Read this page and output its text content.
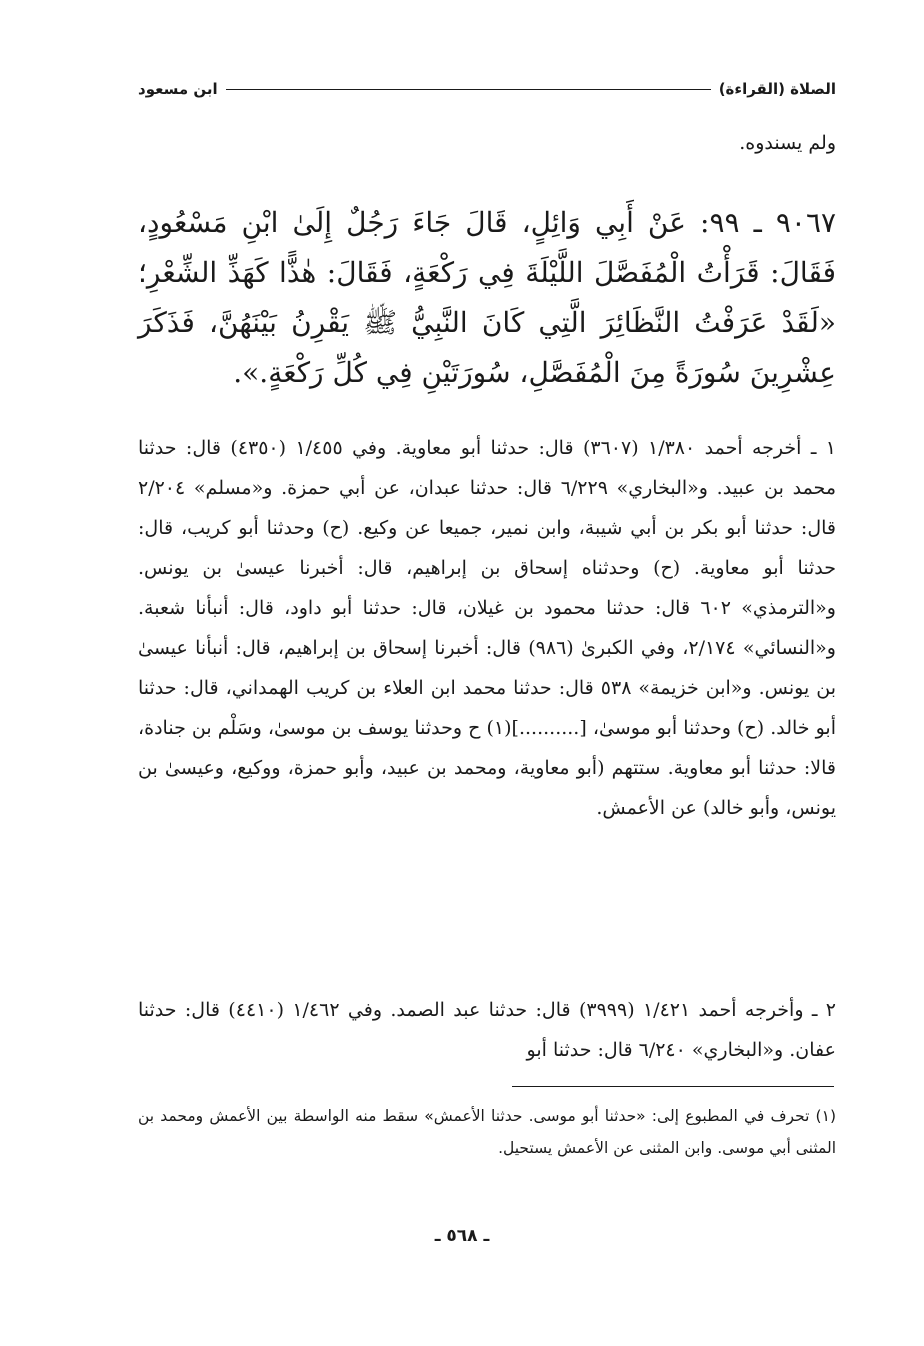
الصلاة (القراءة)
ابن مسعود

ولم يسندوه.

٩٠٦٧ ـ ٩٩: عَنْ أَبِي وَائِلٍ، قَالَ جَاءَ رَجُلٌ إِلَىٰ ابْنِ مَسْعُودٍ، فَقَالَ: قَرَأْتُ الْمُفَصَّلَ اللَّيْلَةَ فِي رَكْعَةٍ، فَقَالَ: هٰذًّا كَهَذِّ الشِّعْرِ؛ «لَقَدْ عَرَفْتُ النَّظَائِرَ الَّتِي كَانَ النَّبِيُّ ﷺ يَقْرِنُ بَيْنَهُنَّ، فَذَكَرَ عِشْرِينَ سُورَةً مِنَ الْمُفَصَّلِ، سُورَتَيْنِ فِي كُلِّ رَكْعَةٍ.».

١ ـ أخرجه أحمد ١/٣٨٠ (٣٦٠٧) قال: حدثنا أبو معاوية. وفي ١/٤٥٥ (٤٣٥٠) قال: حدثنا محمد بن عبيد. و«البخاري» ٦/٢٢٩ قال: حدثنا عبدان، عن أبي حمزة. و«مسلم» ٢/٢٠٤ قال: حدثنا أبو بكر بن أبي شيبة، وابن نمير، جميعا عن وكيع. (ح) وحدثنا أبو كريب، قال: حدثنا أبو معاوية. (ح) وحدثناه إسحاق بن إبراهيم، قال: أخبرنا عيسىٰ بن يونس. و«الترمذي» ٦٠٢ قال: حدثنا محمود بن غيلان، قال: حدثنا أبو داود، قال: أنبأنا شعبة. و«النسائي» ٢/١٧٤، وفي الكبرىٰ (٩٨٦) قال: أخبرنا إسحاق بن إبراهيم، قال: أنبأنا عيسىٰ بن يونس. و«ابن خزيمة» ٥٣٨ قال: حدثنا محمد ابن العلاء بن كريب الهمداني، قال: حدثنا أبو خالد. (ح) وحدثنا أبو موسىٰ، [..........](١) ح وحدثنا يوسف بن موسىٰ، وسَلْم بن جنادة، قالا: حدثنا أبو معاوية. ستتهم (أبو معاوية، ومحمد بن عبيد، وأبو حمزة، ووكيع، وعيسىٰ بن يونس، وأبو خالد) عن الأعمش.

٢ ـ وأخرجه أحمد ١/٤٢١ (٣٩٩٩) قال: حدثنا عبد الصمد. وفي ١/٤٦٢ (٤٤١٠) قال: حدثنا عفان. و«البخاري» ٦/٢٤٠ قال: حدثنا أبو

(١) تحرف في المطبوع إلى: «حدثنا أبو موسى. حدثنا الأعمش» سقط منه الواسطة بين الأعمش ومحمد بن المثنى أبي موسى. وابن المثنى عن الأعمش يستحيل.

ـ ٥٦٨ ـ
